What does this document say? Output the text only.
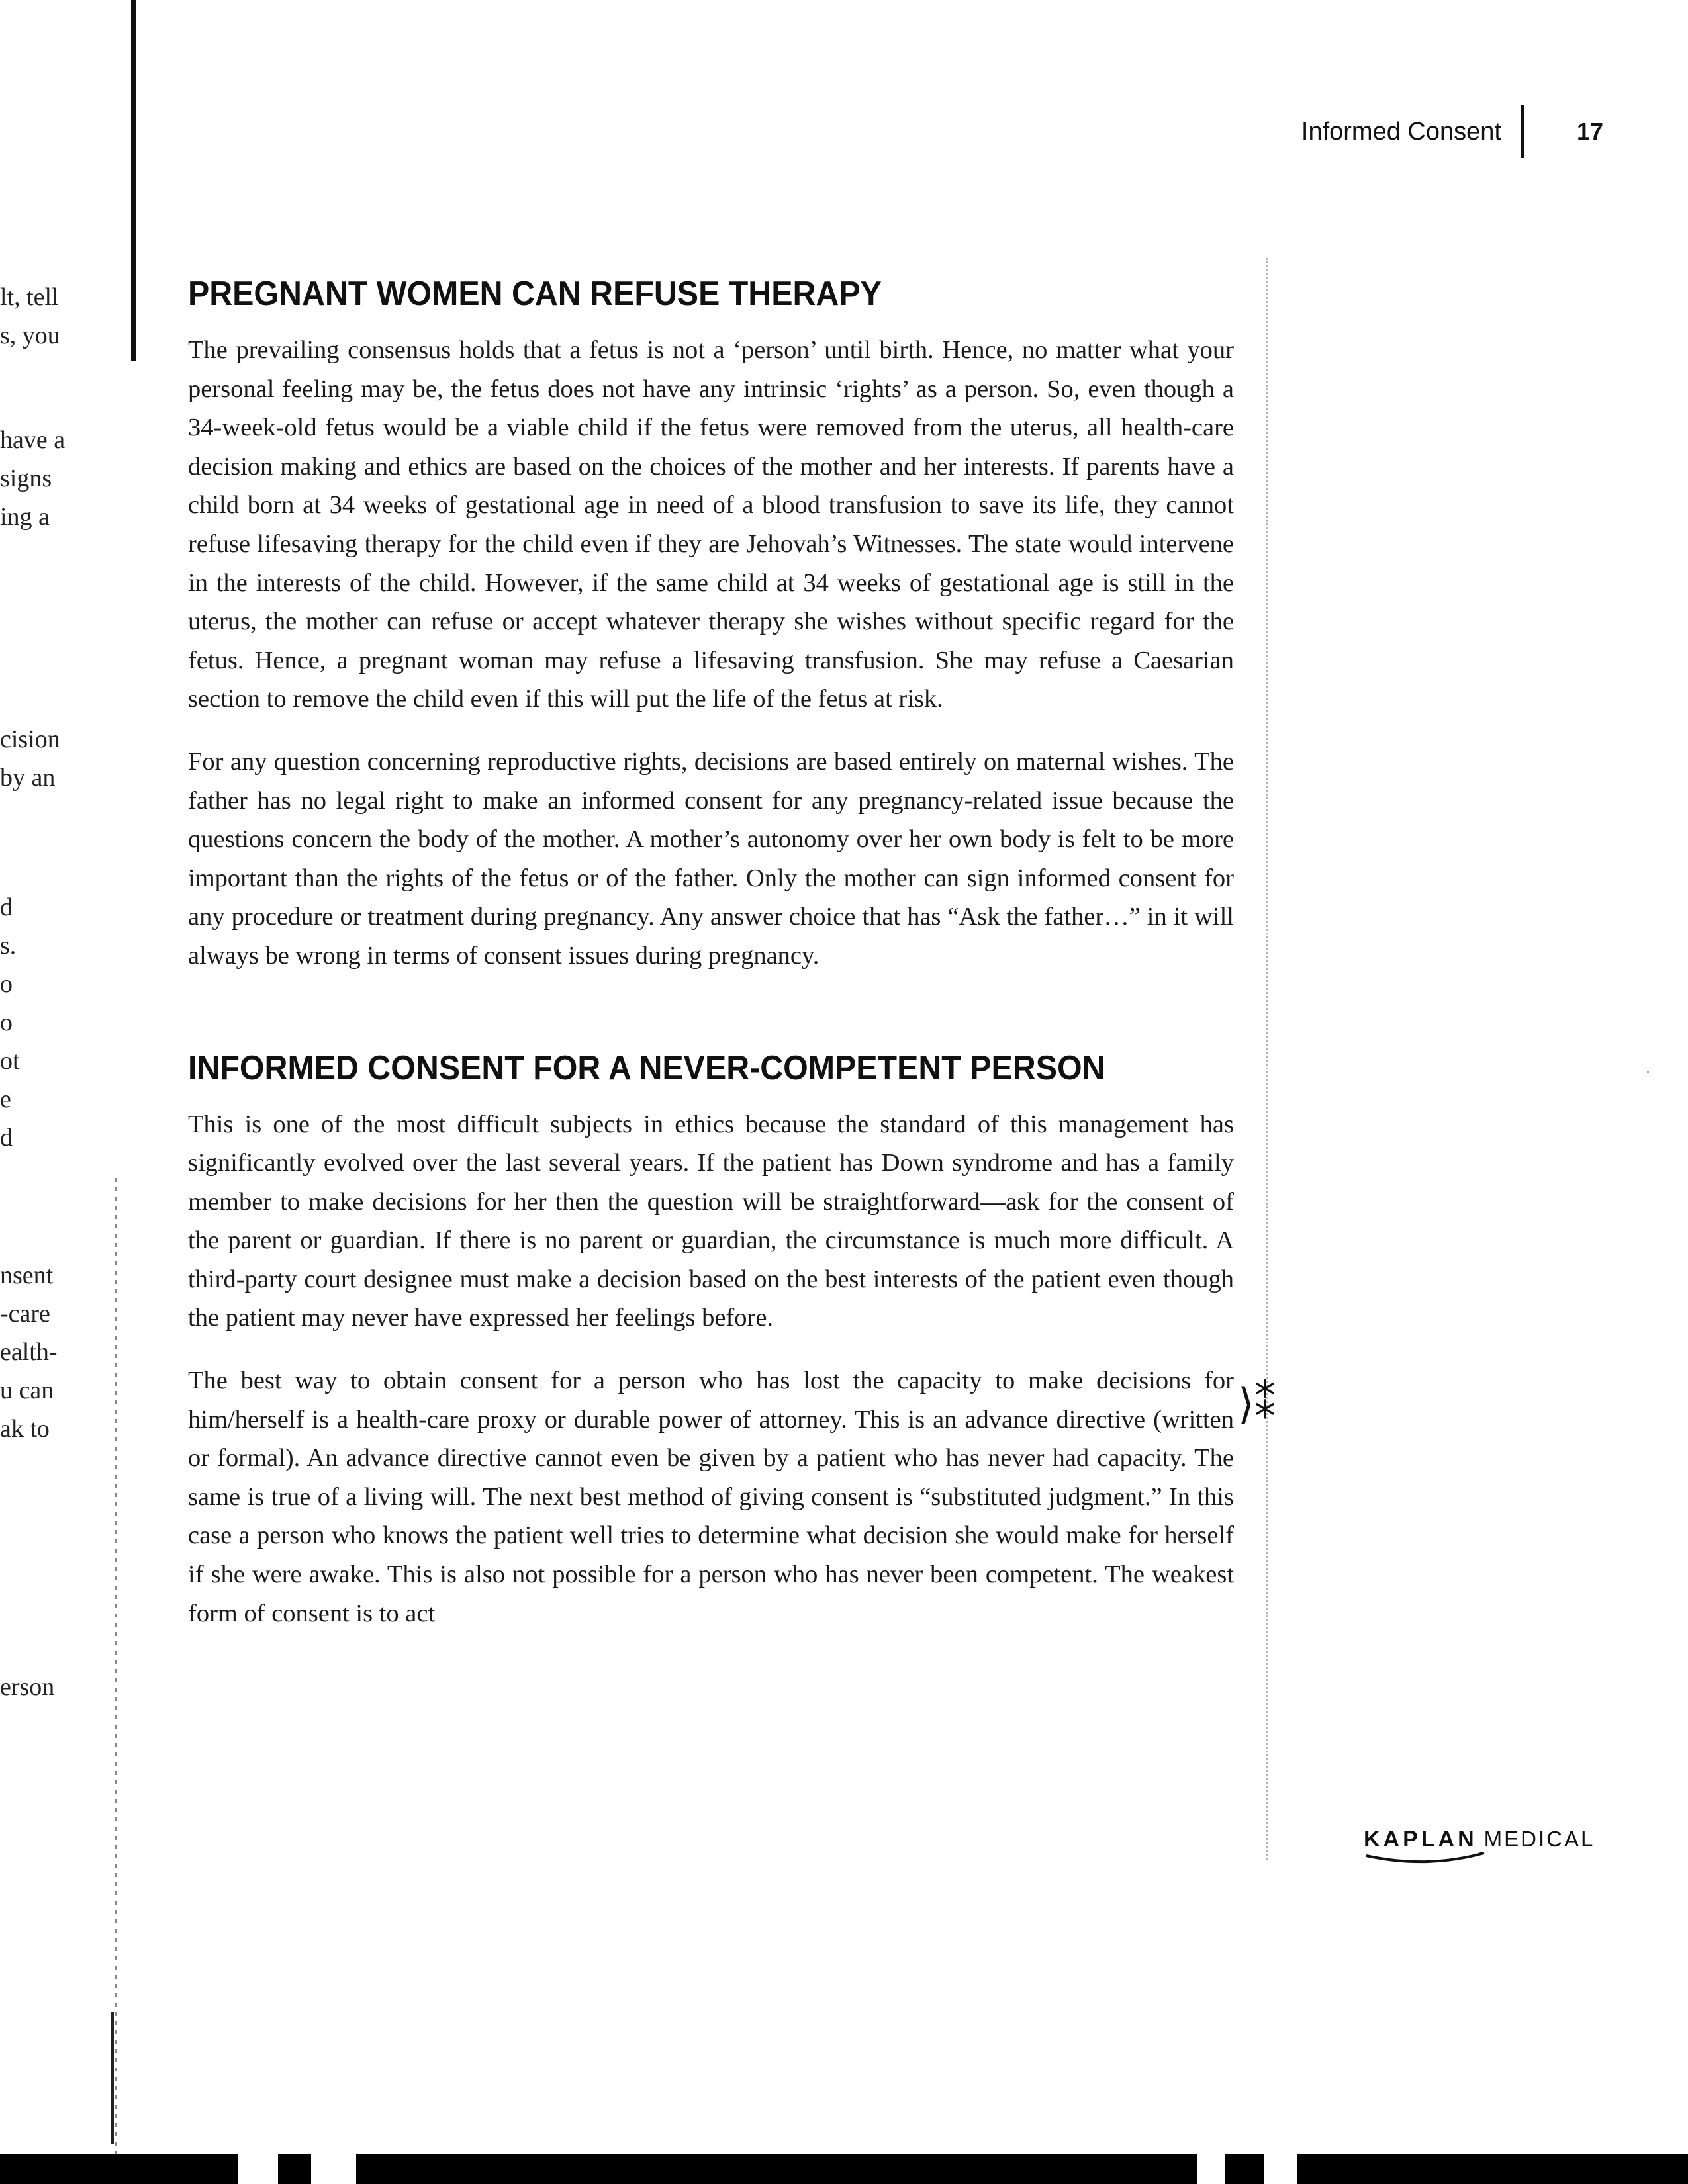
lt, tell
s, you
have a
signs
ing a
cision
by an
d
s.
o
o
ot
e
d
nsent
-care
ealth-
u can
ak to
erson
Informed Consent	17
PREGNANT WOMEN CAN REFUSE THERAPY

The prevailing consensus holds that a fetus is not a ‘person’ until birth. Hence, no matter what your personal feeling may be, the fetus does not have any intrinsic ‘rights’ as a person. So, even though a 34-week-old fetus would be a viable child if the fetus were removed from the uterus, all health-care decision making and ethics are based on the choices of the mother and her interests. If parents have a child born at 34 weeks of gestational age in need of a blood transfusion to save its life, they cannot refuse lifesaving therapy for the child even if they are Jehovah’s Witnesses. The state would intervene in the interests of the child. However, if the same child at 34 weeks of gestational age is still in the uterus, the mother can refuse or accept whatever therapy she wishes without specific regard for the fetus. Hence, a pregnant woman may refuse a lifesaving transfusion. She may refuse a Caesarian section to remove the child even if this will put the life of the fetus at risk.

For any question concerning reproductive rights, decisions are based entirely on maternal wishes. The father has no legal right to make an informed consent for any pregnancy-related issue because the questions concern the body of the mother. A mother’s autonomy over her own body is felt to be more important than the rights of the fetus or of the father. Only the mother can sign informed consent for any procedure or treatment during pregnancy. Any answer choice that has “Ask the father…” in it will always be wrong in terms of consent issues during pregnancy.

INFORMED CONSENT FOR A NEVER-COMPETENT PERSON

This is one of the most difficult subjects in ethics because the standard of this management has significantly evolved over the last several years. If the patient has Down syndrome and has a family member to make decisions for her then the question will be straightforward—ask for the consent of the parent or guardian. If there is no parent or guardian, the circumstance is much more difficult. A third-party court designee must make a decision based on the best interests of the patient even though the patient may never have expressed her feelings before.

The best way to obtain consent for a person who has lost the capacity to make decisions for him/herself is a health-care proxy or durable power of attorney. This is an advance directive (written or formal). An advance directive cannot even be given by a patient who has never had capacity. The same is true of a living will. The next best method of giving consent is “substituted judgment.” In this case a person who knows the patient well tries to determine what decision she would make for herself if she were awake. This is also not possible for a person who has never been competent. The weakest form of consent is to act

⟩⁑
KAPLAN MEDICAL
